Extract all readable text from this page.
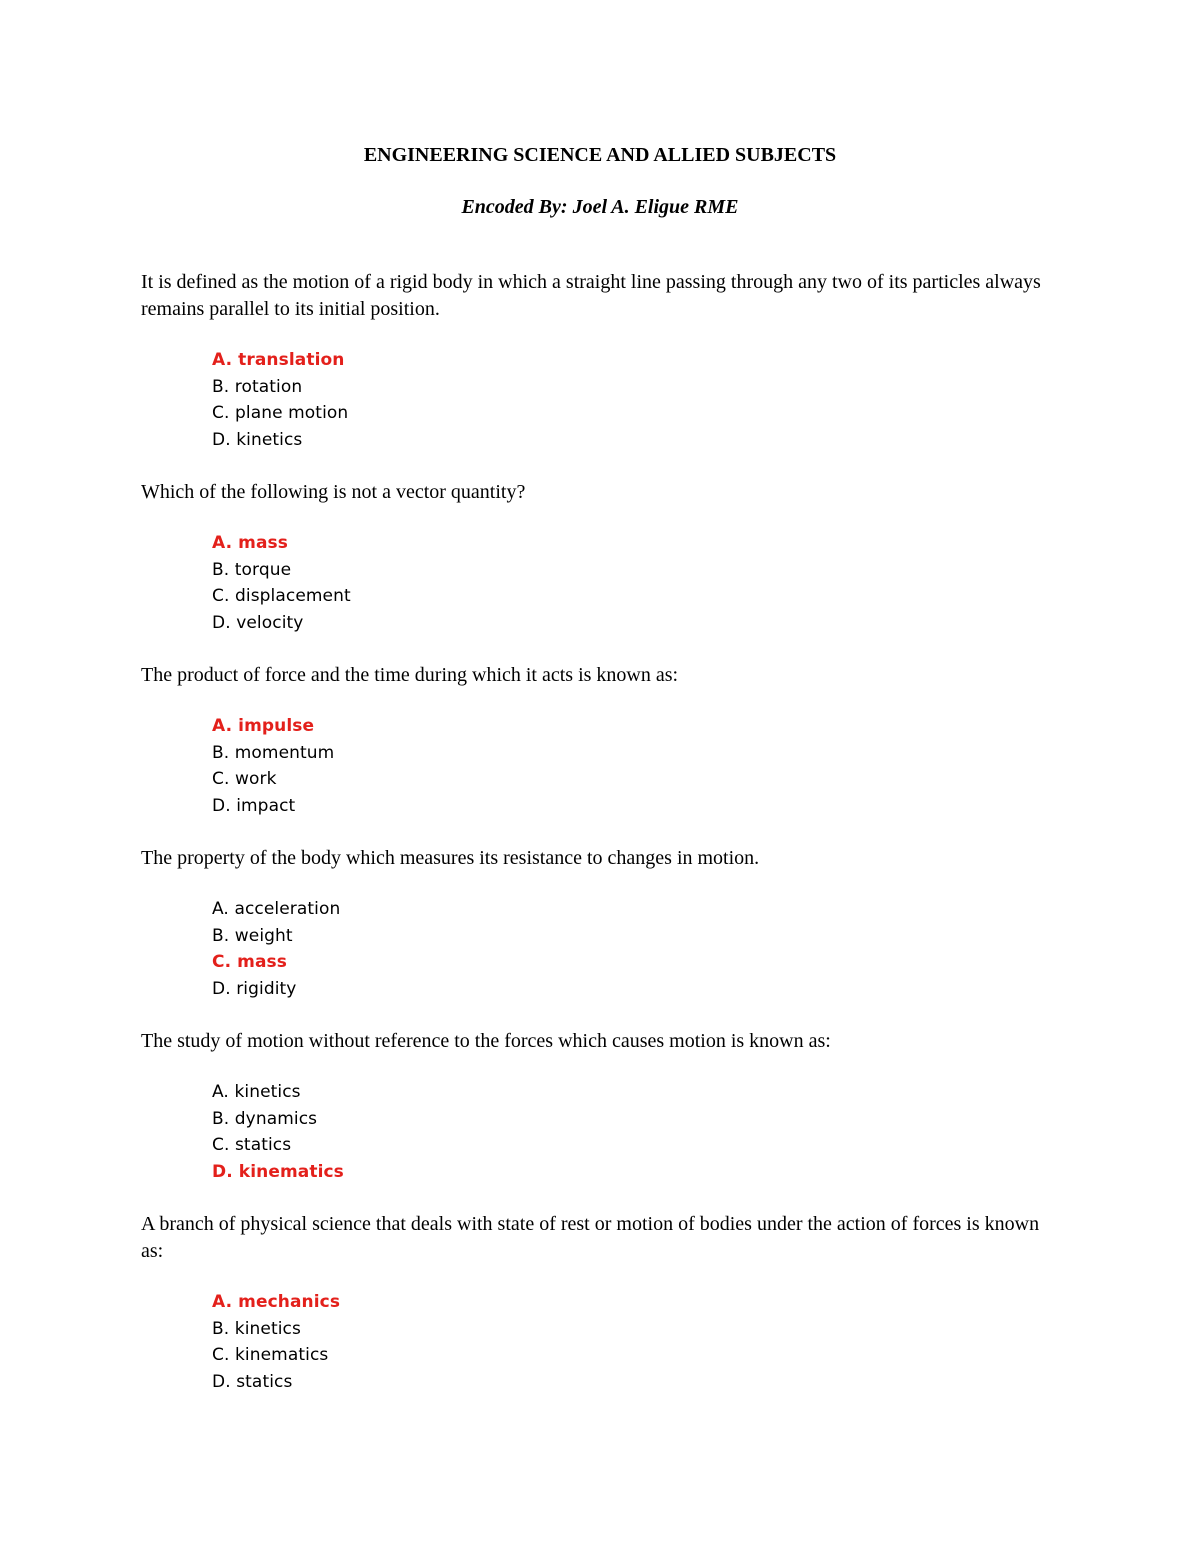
ENGINEERING SCIENCE AND ALLIED SUBJECTS
Encoded By: Joel A. Eligue RME

It is defined as the motion of a rigid body in which a straight line passing through any two of its particles always remains parallel to its initial position.

A. translation
B. rotation
C. plane motion
D. kinetics

Which of the following is not a vector quantity?

A. mass
B. torque
C. displacement
D. velocity

The product of force and the time during which it acts is known as:

A. impulse
B. momentum
C. work
D. impact

The property of the body which measures its resistance to changes in motion.

A. acceleration
B. weight
C. mass
D. rigidity

The study of motion without reference to the forces which causes motion is known as:

A. kinetics
B. dynamics
C. statics
D. kinematics

A branch of physical science that deals with state of rest or motion of bodies under the action of forces is known as:

A. mechanics
B. kinetics
C. kinematics
D. statics
